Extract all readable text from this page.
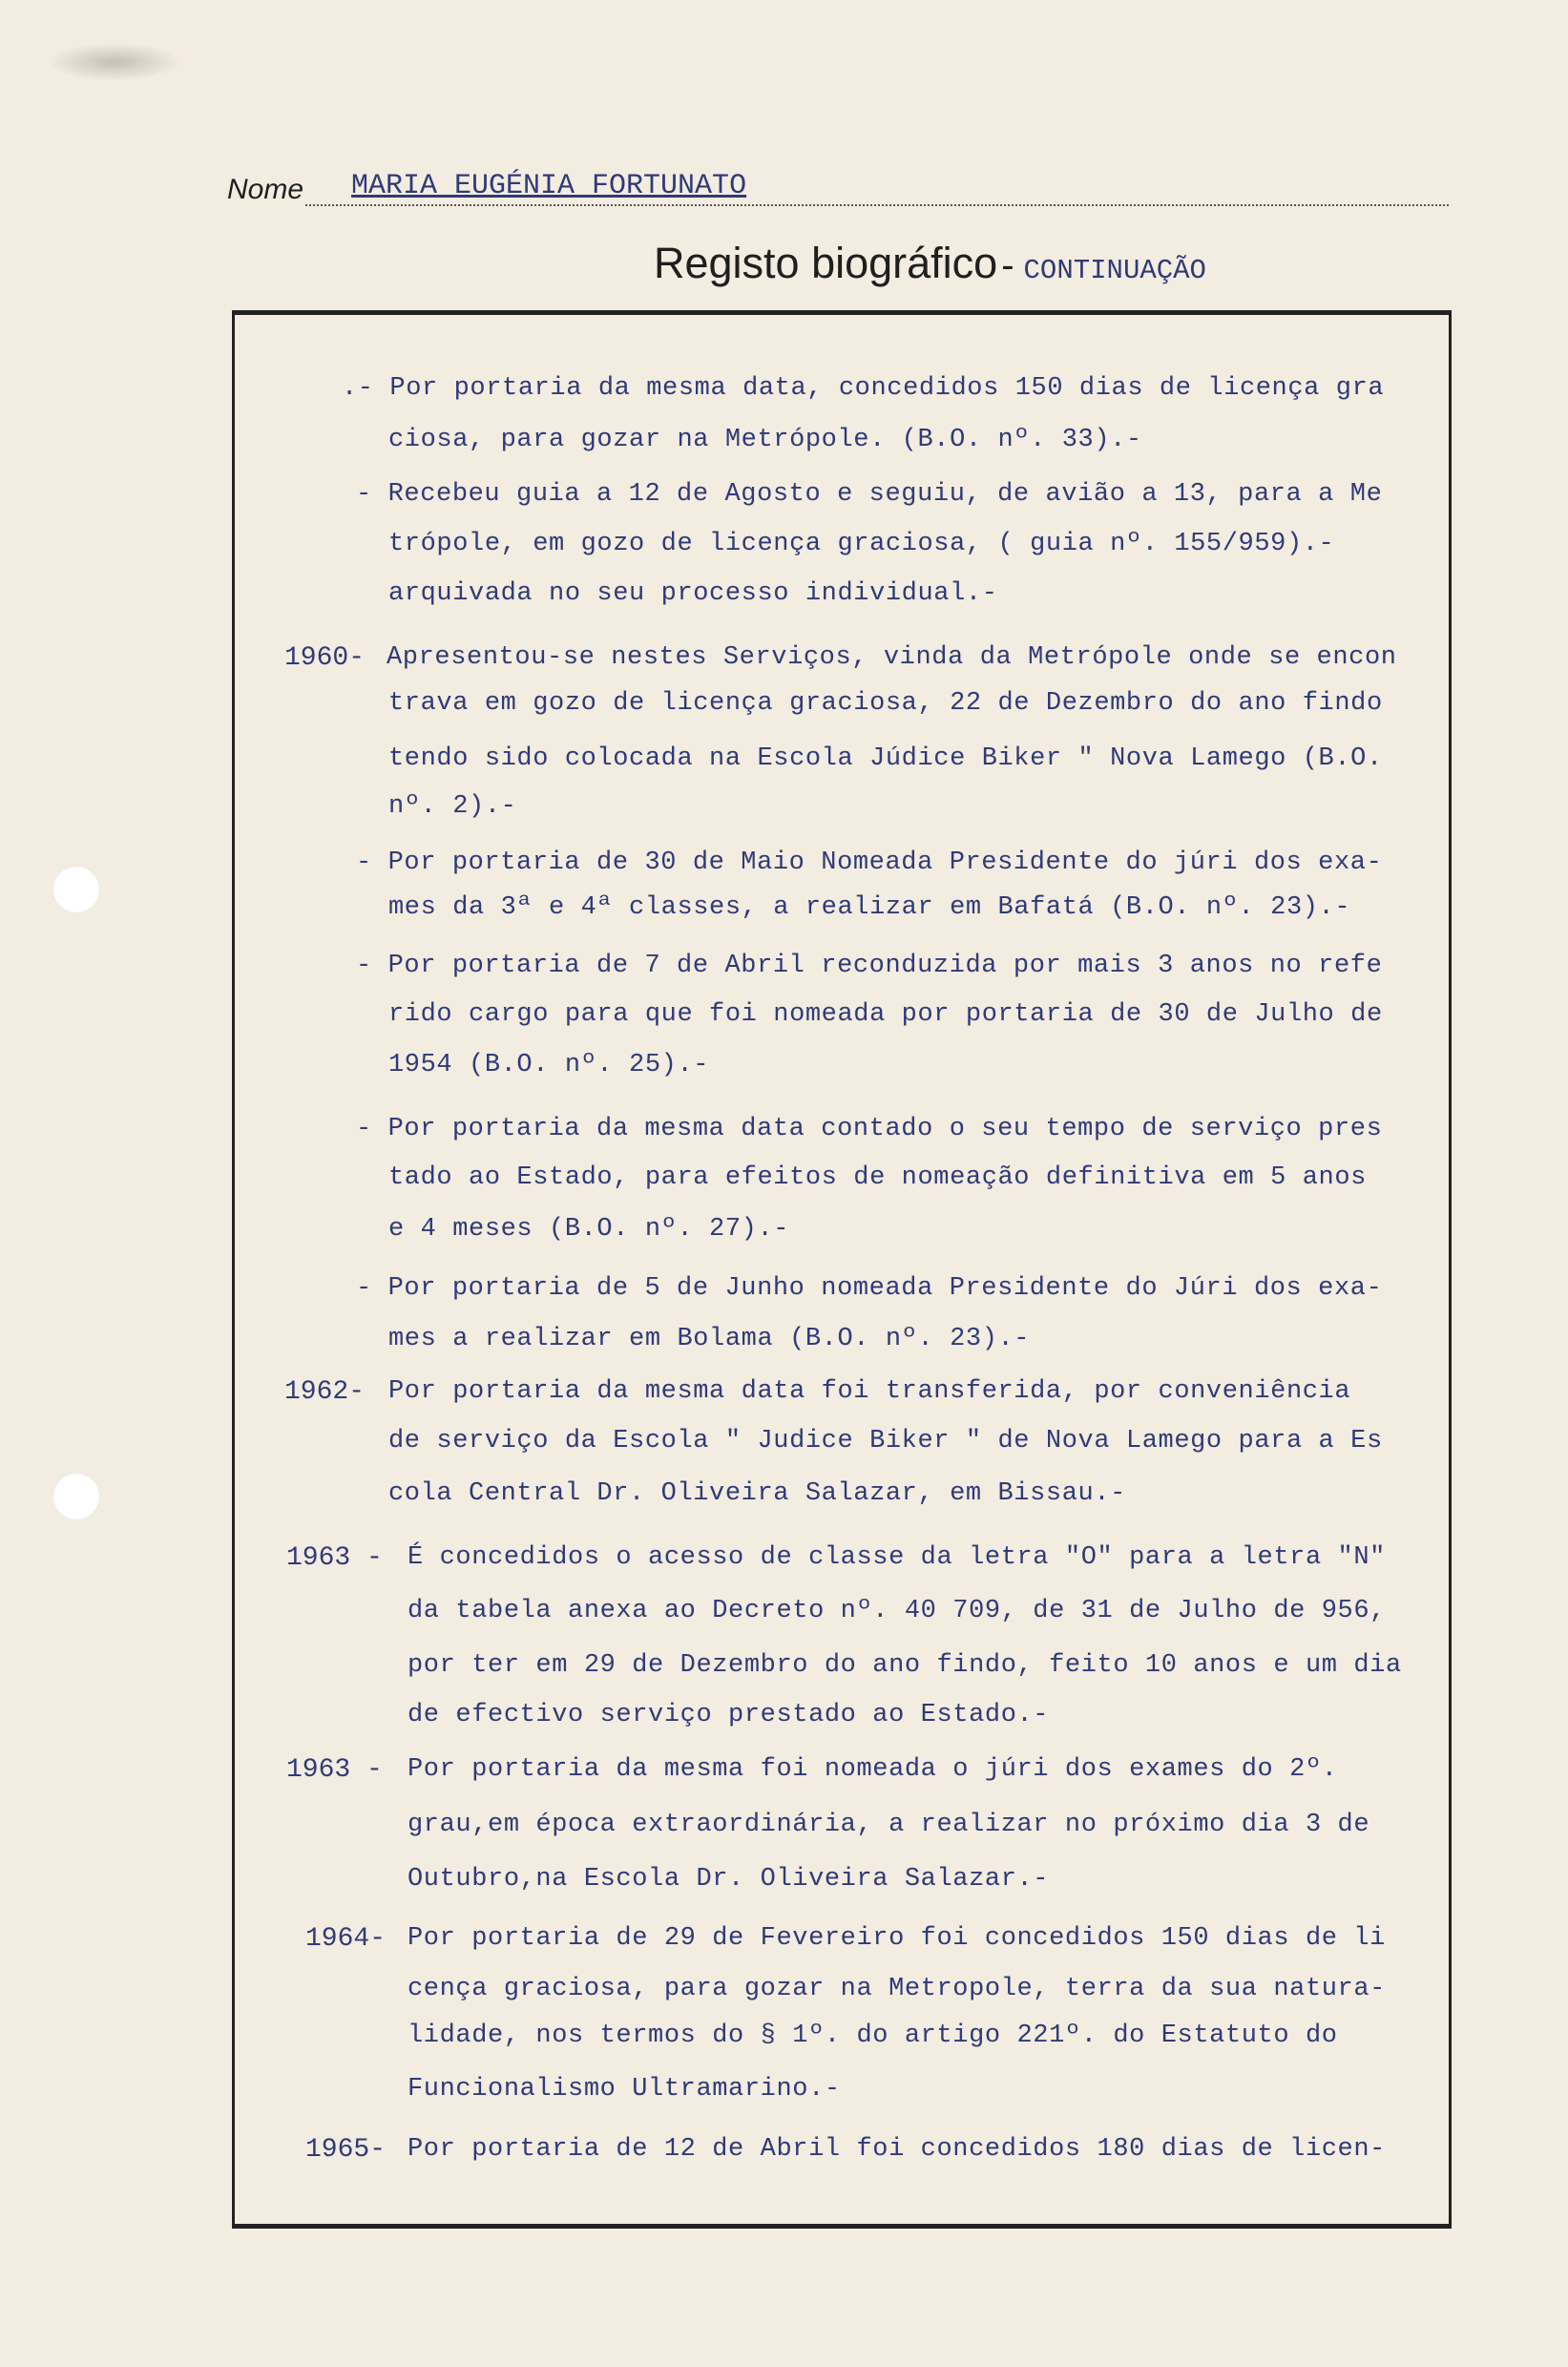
Nome MARIA EUGÉNIA FORTUNATO
Registo biográfico - CONTINUAÇÃO
.- Por portaria da mesma data, concedidos 150 dias de licença gra
ciosa, para gozar na Metrópole. (B.O. nº. 33).-
- Recebeu guia a 12 de Agosto e seguiu, de avião a 13, para a Me
trópole, em gozo de licença graciosa, ( guia nº. 155/959).-
arquivada no seu processo individual.-
1960- Apresentou-se nestes Serviços, vinda da Metrópole onde se encon
trava em gozo de licença graciosa, 22 de Dezembro do ano findo
tendo sido colocada na Escola Júdice Biker " Nova Lamego (B.O.
nº. 2).-
- Por portaria de 30 de Maio Nomeada Presidente do júri dos exa-
mes da 3ª e 4ª classes, a realizar em Bafatá (B.O. nº. 23).-
- Por portaria de 7 de Abril reconduzida por mais 3 anos no refe
rido cargo para que foi nomeada por portaria de 30 de Julho de
1954 (B.O. nº. 25).-
- Por portaria da mesma data contado o seu tempo de serviço pres
tado ao Estado, para efeitos de nomeação definitiva em 5 anos
e 4 meses (B.O. nº. 27).-
- Por portaria de 5 de Junho nomeada Presidente do Júri dos exa-
mes a realizar em Bolama (B.O. nº. 23).-
1962- Por portaria da mesma data foi transferida, por conveniência
de serviço da Escola " Judice Biker " de Nova Lamego para a Es
cola Central Dr. Oliveira Salazar, em Bissau.-
1963 - É concedidos o acesso de classe da letra "O" para a letra "N"
da tabela anexa ao Decreto nº. 40 709, de 31 de Julho de 956,
por ter em 29 de Dezembro do ano findo, feito 10 anos e um dia
de efectivo serviço prestado ao Estado.-
1963 - Por portaria da mesma foi nomeada o júri dos exames do 2º.
grau,em época extraordinária, a realizar no próximo dia 3 de
Outubro,na Escola Dr. Oliveira Salazar.-
1964- Por portaria de 29 de Fevereiro foi concedidos 150 dias de li
cença graciosa, para gozar na Metropole, terra da sua natura-
lidade, nos termos do § 1º. do artigo 221º. do Estatuto do
Funcionalismo Ultramarino.-
1965- Por portaria de 12 de Abril foi concedidos 180 dias de licen-
